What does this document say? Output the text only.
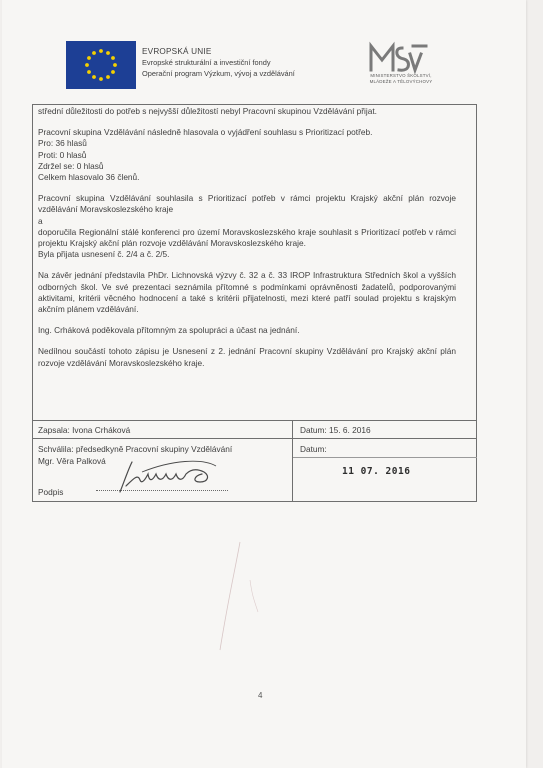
EVROPSKÁ UNIE
Evropské strukturální a investiční fondy
Operační program Výzkum, vývoj a vzdělávání	MINISTERSTVO ŠKOLSTVÍ,
MLÁDEŽE A TĚLOVÝCHOVY

střední důležitosti do potřeb s nejvyšší důležitostí nebyl Pracovní skupinou Vzdělávání přijat.

Pracovní skupina Vzdělávání následně hlasovala o vyjádření souhlasu s Prioritizací potřeb.

Pro: 36 hlasů

Proti: 0 hlasů

Zdržel se: 0 hlasů

Celkem hlasovalo 36 členů.

Pracovní skupina Vzdělávání souhlasila s Prioritizací potřeb v rámci projektu Krajský akční plán rozvoje vzdělávání Moravskoslezského kraje

a

doporučila Regionální stálé konferenci pro území Moravskoslezského kraje souhlasit s Prioritizací potřeb v rámci projektu Krajský akční plán rozvoje vzdělávání Moravskoslezského kraje.

Byla přijata usnesení č. 2/4 a č. 2/5.

Na závěr jednání představila PhDr. Lichnovská výzvy č. 32 a č. 33 IROP Infrastruktura Středních škol a vyšších odborných škol. Ve své prezentaci seznámila přítomné s podmínkami oprávněnosti žadatelů, podporovanými aktivitami, kritérii věcného hodnocení a také s kritérii přijatelnosti, mezi které patří soulad projektu s krajským akčním plánem vzdělávání.

Ing. Crháková poděkovala přítomným za spolupráci a účast na jednání.

Nedílnou součástí tohoto zápisu je Usnesení z 2. jednání Pracovní skupiny Vzdělávání pro Krajský akční plán rozvoje vzdělávání Moravskoslezského kraje.

Zapsala: Ivona Crháková	Datum: 15. 6. 2016
Schválila: předsedkyně Pracovní skupiny Vzdělávání
Mgr. Věra Palková
Datum:
11 07. 2016
Podpis
4
